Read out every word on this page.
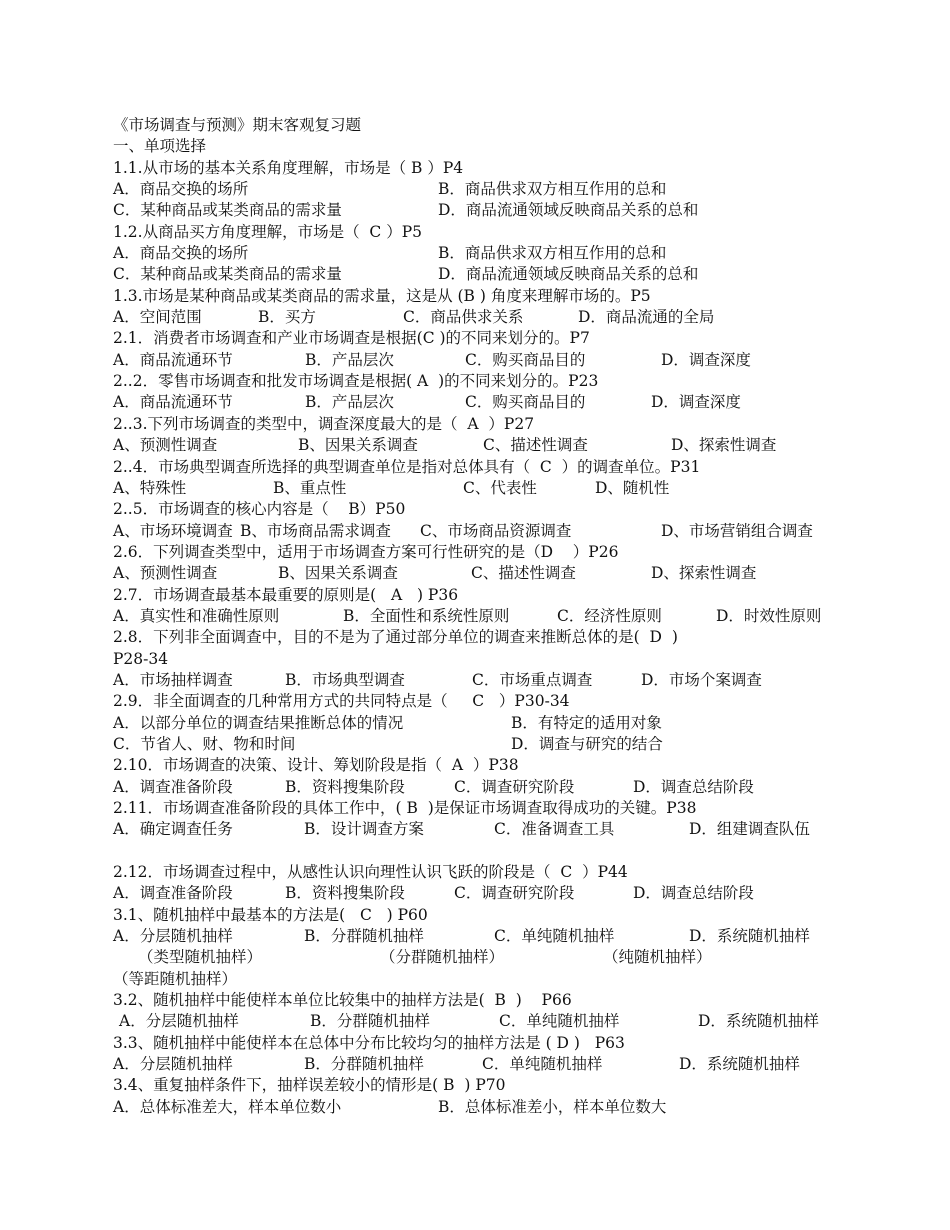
《市场调查与预测》期末客观复习题
一、单项选择
1.1.从市场的基本关系角度理解，市场是（ B ）P4
A．商品交换的场所	B．商品供求双方相互作用的总和
C．某种商品或某类商品的需求量	D．商品流通领域反映商品关系的总和
1.2.从商品买方角度理解，市场是（  C ）P5
A．商品交换的场所	B．商品供求双方相互作用的总和
C．某种商品或某类商品的需求量	D．商品流通领域反映商品关系的总和
1.3.市场是某种商品或某类商品的需求量，这是从 (B ) 角度来理解市场的。P5
A．空间范围	B．买方	C．商品供求关系	D．商品流通的全局
2.1．消费者市场调查和产业市场调查是根据(C )的不同来划分的。P7
A．商品流通环节	B．产品层次	C．购买商品目的	D．调查深度
2..2．零售市场调查和批发市场调查是根据( A  )的不同来划分的。P23
A．商品流通环节	B．产品层次	C．购买商品目的	D．调查深度
2..3.下列市场调查的类型中，调查深度最大的是（  A  ）P27
A、预测性调查	B、因果关系调查	C、描述性调查	D、探索性调查
2..4．市场典型调查所选择的典型调查单位是指对总体具有（  C  ）的调查单位。P31
A、特殊性	B、重点性	C、代表性	D、随机性
2..5．市场调查的核心内容是（    B）P50
A、市场环境调查 B、市场商品需求调查 C、市场商品资源调查	D、市场营销组合调查
2.6．下列调查类型中，适用于市场调查方案可行性研究的是（D    ）P26
A、预测性调查	B、因果关系调查	C、描述性调查	D、探索性调查
2.7．市场调查最基本最重要的原则是(   A   ) P36
A．真实性和准确性原则	B．全面性和系统性原则	C．经济性原则	D．时效性原则
2.8．下列非全面调查中，目的不是为了通过部分单位的调查来推断总体的是(  D  )
P28-34
A．市场抽样调查	B．市场典型调查	C．市场重点调查	D．市场个案调查
2.9．非全面调查的几种常用方式的共同特点是（     C   ）P30-34
A．以部分单位的调查结果推断总体的情况	B．有特定的适用对象
C．节省人、财、物和时间	D．调查与研究的结合
2.10．市场调查的决策、设计、筹划阶段是指（  A  ）P38
A．调查准备阶段	B．资料搜集阶段	C．调查研究阶段	D．调查总结阶段
2.11．市场调查准备阶段的具体工作中，( B  )是保证市场调查取得成功的关键。P38
A．确定调查任务	B．设计调查方案	C．准备调查工具	D．组建调查队伍
2.12．市场调查过程中，从感性认识向理性认识飞跃的阶段是（  C  ）P44
A．调查准备阶段	B．资料搜集阶段	C．调查研究阶段	D．调查总结阶段
3.1、随机抽样中最基本的方法是(   C   ) P60
A．分层随机抽样	B．分群随机抽样	C．单纯随机抽样	D．系统随机抽样
（类型随机抽样）	（分群随机抽样）	（纯随机抽样）
（等距随机抽样）
3.2、随机抽样中能使样本单位比较集中的抽样方法是(  B  )    P66
A．分层随机抽样	B．分群随机抽样	C．单纯随机抽样	D．系统随机抽样
3.3、随机抽样中能使样本在总体中分布比较均匀的抽样方法是 ( D )   P63
A．分层随机抽样	B．分群随机抽样	C．单纯随机抽样	D．系统随机抽样
3.4、重复抽样条件下，抽样误差较小的情形是( B  ) P70
A．总体标准差大，样本单位数小	B．总体标准差小，样本单位数大
